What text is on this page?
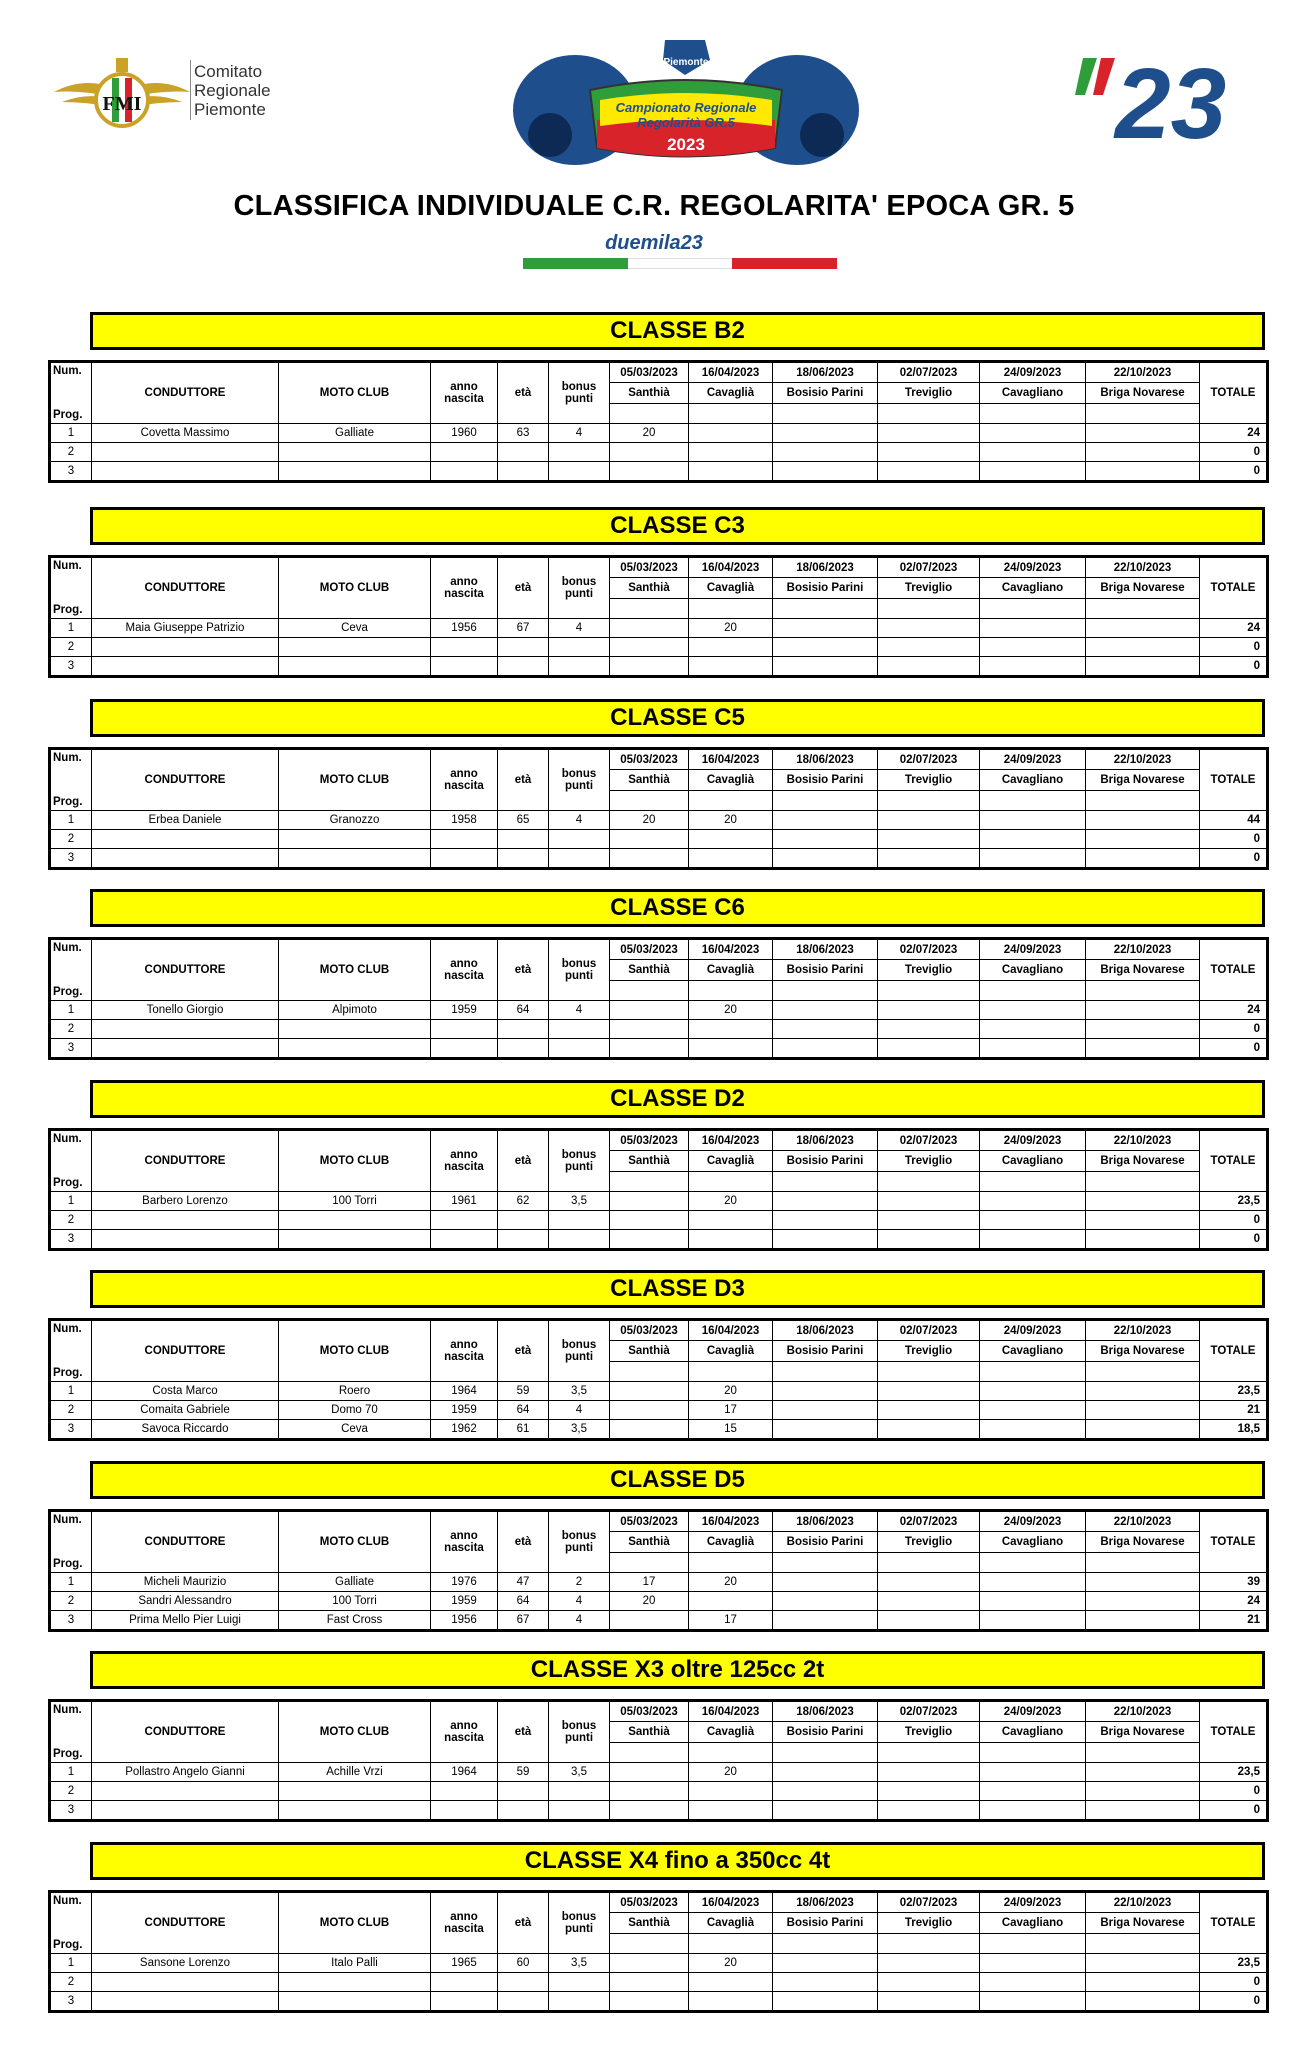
FMI
Comitato
Regionale
Piemonte
Piemonte
Campionato Regionale
Regolarità GR.5
2023	23
CLASSIFICA INDIVIDUALE C.R. REGOLARITA' EPOCA GR. 5
duemila23
CLASSE B2
Num.
Prog.	CONDUTTORE	MOTO CLUB	anno
nascita	età	bonus
punti	05/03/2023	16/04/2023	18/06/2023	02/07/2023	24/09/2023	22/10/2023	TOTALE
						Santhià	Cavaglià	Bosisio Parini	Treviglio	Cavagliano	Briga Novarese	

1	Covetta Massimo	Galliate	1960	63	4	20						24
2												0
3												0
CLASSE C3
Num.
Prog.	CONDUTTORE	MOTO CLUB	anno
nascita	età	bonus
punti	05/03/2023	16/04/2023	18/06/2023	02/07/2023	24/09/2023	22/10/2023	TOTALE
						Santhià	Cavaglià	Bosisio Parini	Treviglio	Cavagliano	Briga Novarese	

1	Maia Giuseppe Patrizio	Ceva	1956	67	4		20					24
2												0
3												0
CLASSE C5
Num.
Prog.	CONDUTTORE	MOTO CLUB	anno
nascita	età	bonus
punti	05/03/2023	16/04/2023	18/06/2023	02/07/2023	24/09/2023	22/10/2023	TOTALE
						Santhià	Cavaglià	Bosisio Parini	Treviglio	Cavagliano	Briga Novarese	

1	Erbea Daniele	Granozzo	1958	65	4	20	20					44
2												0
3												0
CLASSE C6
Num.
Prog.	CONDUTTORE	MOTO CLUB	anno
nascita	età	bonus
punti	05/03/2023	16/04/2023	18/06/2023	02/07/2023	24/09/2023	22/10/2023	TOTALE
						Santhià	Cavaglià	Bosisio Parini	Treviglio	Cavagliano	Briga Novarese	

1	Tonello Giorgio	Alpimoto	1959	64	4		20					24
2												0
3												0
CLASSE D2
Num.
Prog.	CONDUTTORE	MOTO CLUB	anno
nascita	età	bonus
punti	05/03/2023	16/04/2023	18/06/2023	02/07/2023	24/09/2023	22/10/2023	TOTALE
						Santhià	Cavaglià	Bosisio Parini	Treviglio	Cavagliano	Briga Novarese	

1	Barbero Lorenzo	100 Torri	1961	62	3,5		20					23,5
2												0
3												0
CLASSE D3
Num.
Prog.	CONDUTTORE	MOTO CLUB	anno
nascita	età	bonus
punti	05/03/2023	16/04/2023	18/06/2023	02/07/2023	24/09/2023	22/10/2023	TOTALE
						Santhià	Cavaglià	Bosisio Parini	Treviglio	Cavagliano	Briga Novarese	

1	Costa Marco	Roero	1964	59	3,5		20					23,5
2	Comaita Gabriele	Domo 70	1959	64	4		17					21
3	Savoca Riccardo	Ceva	1962	61	3,5		15					18,5
CLASSE D5
Num.
Prog.	CONDUTTORE	MOTO CLUB	anno
nascita	età	bonus
punti	05/03/2023	16/04/2023	18/06/2023	02/07/2023	24/09/2023	22/10/2023	TOTALE
						Santhià	Cavaglià	Bosisio Parini	Treviglio	Cavagliano	Briga Novarese	

1	Micheli Maurizio	Galliate	1976	47	2	17	20					39
2	Sandri Alessandro	100 Torri	1959	64	4	20						24
3	Prima Mello Pier Luigi	Fast Cross	1956	67	4		17					21
CLASSE X3 oltre 125cc 2t
Num.
Prog.	CONDUTTORE	MOTO CLUB	anno
nascita	età	bonus
punti	05/03/2023	16/04/2023	18/06/2023	02/07/2023	24/09/2023	22/10/2023	TOTALE
						Santhià	Cavaglià	Bosisio Parini	Treviglio	Cavagliano	Briga Novarese	

1	Pollastro Angelo Gianni	Achille Vrzi	1964	59	3,5		20					23,5
2												0
3												0
CLASSE X4 fino a 350cc 4t
Num.
Prog.	CONDUTTORE	MOTO CLUB	anno
nascita	età	bonus
punti	05/03/2023	16/04/2023	18/06/2023	02/07/2023	24/09/2023	22/10/2023	TOTALE
						Santhià	Cavaglià	Bosisio Parini	Treviglio	Cavagliano	Briga Novarese	

1	Sansone Lorenzo	Italo Palli	1965	60	3,5		20					23,5
2												0
3												0
